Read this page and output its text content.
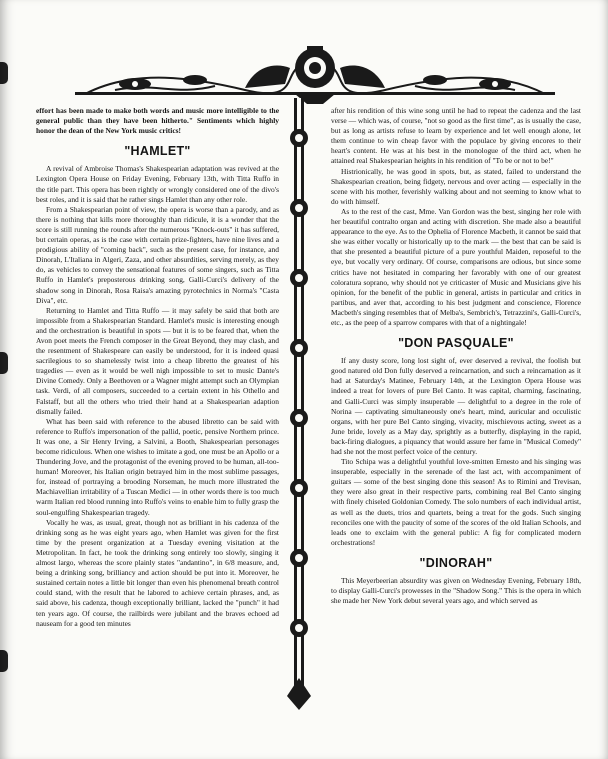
effort has been made to make both words and music more intelligible to the general public than they have been hitherto." Sentiments which highly honor the dean of the New York music critics!

"HAMLET"

A revival of Ambroise Thomas's Shakespearian adaptation was revived at the Lexington Opera House on Friday Evening, February 13th, with Titta Ruffo in the title part. This opera has been rightly or wrongly considered one of the divo's best roles, and it is said that he rather sings Hamlet than any other role.

From a Shakespearian point of view, the opera is worse than a parody, and as there is nothing that kills more thoroughly than ridicule, it is a wonder that the score is still running the rounds after the numerous "Knock-outs" it has suffered, but certain operas, as is the case with certain prize-fighters, have nine lives and a prodigious ability of "coming back", such as the present case, for instance, and Dinorah, L'Italiana in Algeri, Zaza, and other absurdities, serving merely, as they do, as vehicles to convey the sensational features of some singers, such as Titta Ruffo in Hamlet's preposterous drinking song, Galli-Curci's delivery of the shadow song in Dinorah, Rosa Raisa's amazing pyrotechnics in Norma's "Casta Diva", etc.

Returning to Hamlet and Titta Ruffo — it may safely be said that both are impossible from a Shakespearian Standard. Hamlet's music is interesting enough and the orchestration is beautiful in spots — but it is to be feared that, when the Avon poet meets the French composer in the Great Beyond, they may clash, and the resentment of Shakespeare can easily be understood, for it is indeed quasi sacrilegious to so shamelessly twist into a cheap libretto the greatest of his tragedies — even as it would be well nigh impossible to set to music Dante's Divine Comedy. Only a Beethoven or a Wagner might attempt such an Olympian task. Verdi, of all composers, succeeded to a certain extent in his Othello and Falstaff, but all the others who tried their hand at a Shakespearian adaption dismally failed.

What has been said with reference to the abused libretto can be said with reference to Ruffo's impersonation of the pallid, poetic, pensive Northern prince. It was one, a Sir Henry Irving, a Salvini, a Booth, Shakespearian personages become ridiculous. When one wishes to imitate a god, one must be an Apollo or a Thundering Jove, and the protagonist of the evening proved to be human, all-too-human! Moreover, his Italian origin betrayed him in the most sublime passages, for, instead of portraying a brooding Norseman, he much more illustrated the Machiavellian irritability of a Tuscan Medici — in other words there is too much warm Italian red blood running into Ruffo's veins to enable him to fully grasp the soul-engulfing Shakespearian tragedy.

Vocally he was, as usual, great, though not as brilliant in his cadenza of the drinking song as he was eight years ago, when Hamlet was given for the first time by the present organization at a Tuesday evening visitation at the Metropolitan. In fact, he took the drinking song entirely too slowly, singing it almost largo, whereas the score plainly states "andantino", in 6/8 measure, and, being a drinking song, brilliancy and action should be put into it. Moreover, he sustained certain notes a little bit longer than even his phenomenal breath control could stand, with the result that he labored to achieve certain phrases, and, as said above, his cadenza, though exceptionally brilliant, lacked the "punch" it had ten years ago. Of course, the railbirds were jubilant and the braves echoed ad nauseam for a good ten minutes

after his rendition of this wine song until he had to repeat the cadenza and the last verse — which was, of course, "not so good as the first time", as is usually the case, but as long as artists refuse to learn by experience and let well enough alone, let them continue to win cheap favor with the populace by giving encores to their heart's content. He was at his best in the monologue of the third act, when he attained real Shakespearian heights in his rendition of "To be or not to be!"

Histrionically, he was good in spots, but, as stated, failed to understand the Shakespearian creation, being fidgety, nervous and over acting — especially in the scene with his mother, feverishly walking about and not seeming to know what to do with himself.

As to the rest of the cast, Mme. Van Gordon was the best, singing her role with her beautiful contralto organ and acting with discretion. She made also a beautiful appearance to the eye. As to the Ophelia of Florence Macbeth, it cannot be said that she was either vocally or historically up to the mark — the best that can be said is that she presented a beautiful picture of a pure youthful Maiden, reposeful to the eye, but vocally very ordinary. Of course, comparisons are odious, but since some critics have not hesitated in comparing her favorably with one of our greatest coloratura soprano, why should not ye criticaster of Music and Musicians give his opinion, for the benefit of the public in general, artists in particular and critics in partibus, and aver that, according to his best judgment and conscience, Florence Macbeth's singing resembles that of Melba's, Sembrich's, Tetrazzini's, Galli-Curci's, etc., as the peep of a sparrow compares with that of a nightingale!

"DON PASQUALE"

If any dusty score, long lost sight of, ever deserved a revival, the foolish but good natured old Don fully deserved a reincarnation, and such a reincarnation as it had at Saturday's Matinee, February 14th, at the Lexington Opera House was indeed a treat for lovers of pure Bel Canto. It was capital, charming, fascinating, and Galli-Curci was simply insuperable — delightful to a degree in the role of Norina — captivating simultaneously one's heart, mind, auricular and occulistic organs, with her pure Bel Canto singing, vivacity, mischievous acting, sweet as a June bride, lovely as a May day, sprightly as a butterfly, displaying in the rapid, back-firing dialogues, a piquancy that would assure her fame in "Musical Comedy" had she not the most perfect voice of the century.

Tito Schipa was a delightful youthful love-smitten Ernesto and his singing was insuperable, especially in the serenade of the last act, with accompaniment of guitars — some of the best singing done this season! As to Rimini and Trevisan, they were also great in their respective parts, combining real Bel Canto singing with finely chiseled Goldonian Comedy. The solo numbers of each individual artist, as well as the duets, trios and quartets, being a treat for the gods. Such singing reconciles one with the paucity of some of the scores of the old Italian Schools, and leads one to exclaim with the general public: A fig for complicated modern orchestrations!

"DINORAH"

This Meyerbeerian absurdity was given on Wednesday Evening, February 18th, to display Galli-Curci's prowesses in the "Shadow Song." This is the opera in which she made her New York debut several years ago, and which served as
